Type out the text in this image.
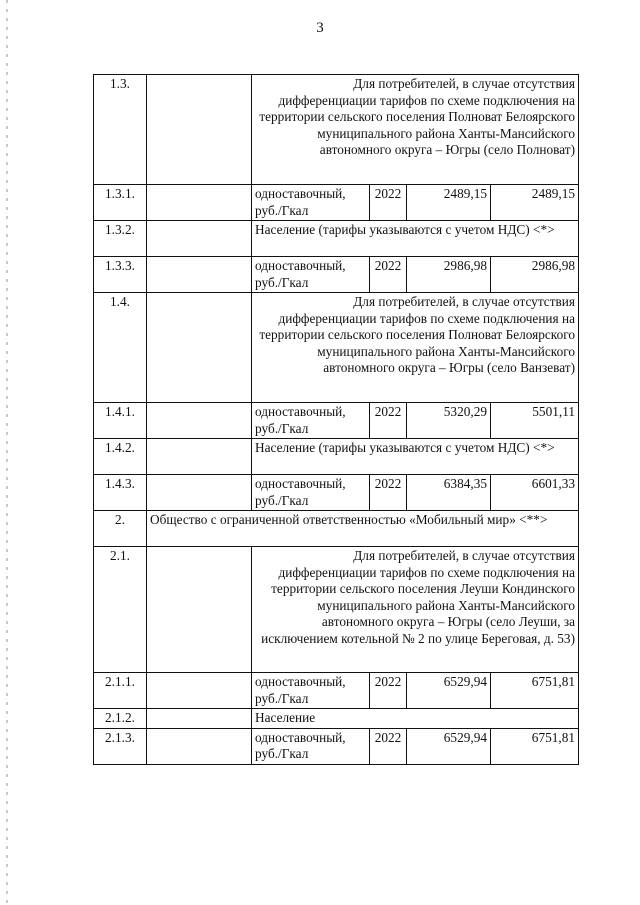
3
1.3.		Для потребителей, в случае отсутствия дифференциации тарифов по схеме подключения на территории сельского поселения Полноват Белоярского муниципального района Ханты-Мансийского автономного округа – Югры (село Полноват)			
1.3.1.		одноставочный, руб./Гкал	2022	2489,15	2489,15
1.3.2.		Население (тарифы указываются с учетом НДС) <*>			
1.3.3.		одноставочный, руб./Гкал	2022	2986,98	2986,98
1.4.		Для потребителей, в случае отсутствия дифференциации тарифов по схеме подключения на территории сельского поселения Полноват Белоярского муниципального района Ханты-Мансийского автономного округа – Югры (село Ванзеват)			
1.4.1.		одноставочный, руб./Гкал	2022	5320,29	5501,11
1.4.2.		Население (тарифы указываются с учетом НДС) <*>			
1.4.3.		одноставочный, руб./Гкал	2022	6384,35	6601,33
2.	Общество с ограниченной ответственностью «Мобильный мир» <**>				
2.1.		Для потребителей, в случае отсутствия дифференциации тарифов по схеме подключения на территории сельского поселения Леуши Кондинского муниципального района Ханты-Мансийского автономного округа – Югры (село Леуши, за исключением котельной № 2 по улице Береговая, д. 53)			
2.1.1.		одноставочный, руб./Гкал	2022	6529,94	6751,81
2.1.2.		Население			
2.1.3.		одноставочный, руб./Гкал	2022	6529,94	6751,81
